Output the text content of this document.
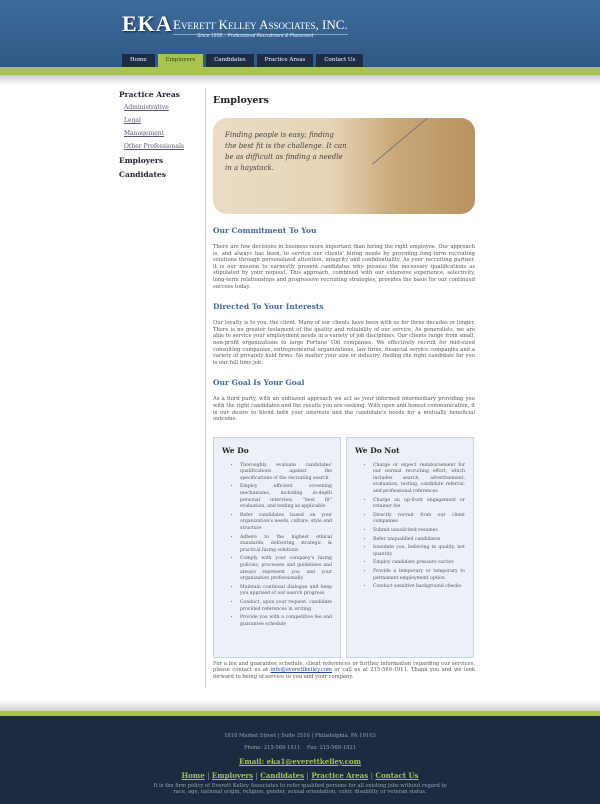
EKA Everett Kelley Associates, INC.
Since 1958... Professional Recruitment & Placement
Home	Employers	Candidates	Practice Areas	Contact Us
Practice Areas
Administrative
Legal
Management
Other Professionals
Employers
Candidates
Employers

Finding people is easy; finding the best fit is the challenge. It can be as difficult as finding a needle in a haystack.

Our Commitment To You

There are few decisions in business more important than hiring the right employee. Our approach is, and always has been, to service our clients' hiring needs by providing long-term recruiting solutions through personalized attention, integrity and confidentiality. As your recruiting partner, it is our mission to earnestly present candidates who possess the necessary qualifications as stipulated by your request. This approach, combined with our extensive experience, selectivity, long-term relationships and progressive recruiting strategies, provides the basis for our continued success today.

Directed To Your Interests

Our loyalty is to you, the client. Many of our clients have been with us for three decades or longer. There is no greater testament of the quality and reliability of our service. As generalists, we are able to service your employment needs in a variety of job disciplines. Our clients range from small, non-profit organizations to large Fortune 100 companies. We effectively recruit for mid-sized consulting companies, entrepreneurial organizations, law firms, financial service companies and a variety of privately held firms. No matter your size or industry, finding the right candidate for you is our full time job.

Our Goal Is Your Goal

As a third party, with an unbiased approach we act as your informed intermediary providing you with the right candidates and the results you are seeking. With open and honest communication, it is our desire to blend both your interests and the candidate's needs for a mutually beneficial outcome.

We Do
• Thoroughly evaluate candidates' qualifications against the specifications of the recruiting search
• Employ efficient screening mechanisms, including in-depth personal interview, "best fit" evaluation, and testing as applicable
• Refer candidates based on your organization's needs, culture, style and structure
• Adhere to the highest ethical standards, delivering strategic & practical hiring solutions
• Comply with your company's hiring policies, processes and guidelines and always represent you and your organization professionally
• Maintain continual dialogue and keep you apprised of our search progress
• Conduct, upon your request, candidate provided references in writing
• Provide you with a competitive fee and guarantee schedule
We Do Not
• Charge or expect reimbursement for our normal recruiting effort, which includes search, advertisement, evaluation, testing, candidate referral, and professional references
• Charge an up-front engagement or retainer fee
• Directly recruit from our client companies
• Submit unsolicited resumes
• Refer unqualified candidates
• Inundate you, believing in quality, not quantity
• Employ candidate pressure tactics
• Provide a temporary or temporary to permanent employment option
• Conduct sensitive background checks

For a fee and guarantee schedule, client references or further information regarding our services, please contact us at info@everettkelley.com or call us at 215-569-1911. Thank you and we look forward to being of service to you and your company.

1818 Market Street | Suite 3510 | Philadelphia, PA 19103
Phone: 215-569-1911 Fax: 215-569-1921
Email: eka1@everettkelley.com
Home | Employers | Candidates | Practice Areas | Contact Us
It is the firm policy of Everett Kelley Associates to refer qualified persons for all existing jobs without regard to race, age, national origin, religion, gender, sexual orientation, color, disability or veteran status.
